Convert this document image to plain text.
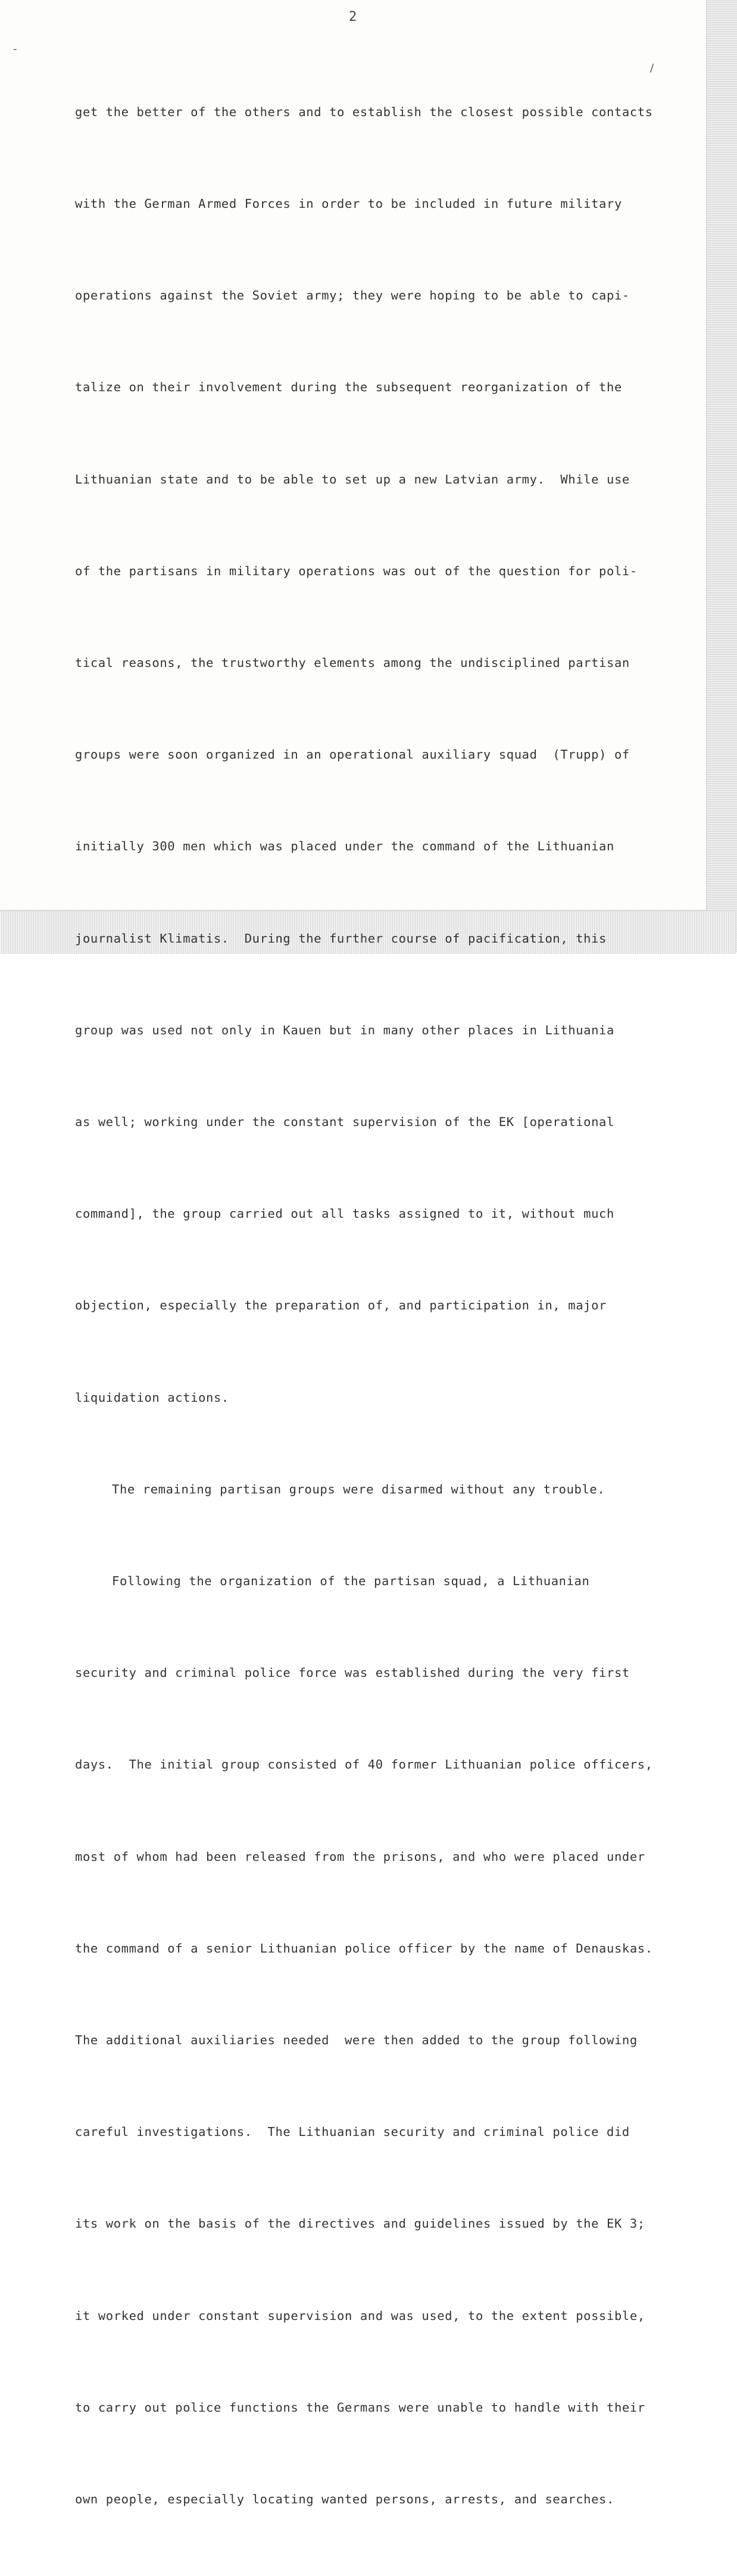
2
-
/

get the better of the others and to establish the closest possible contacts

with the German Armed Forces in order to be included in future military

operations against the Soviet army; they were hoping to be able to capi-

talize on their involvement during the subsequent reorganization of the

Lithuanian state and to be able to set up a new Latvian army.  While use

of the partisans in military operations was out of the question for poli-

tical reasons, the trustworthy elements among the undisciplined partisan

groups were soon organized in an operational auxiliary squad  (Trupp) of

initially 300 men which was placed under the command of the Lithuanian

journalist Klimatis.  During the further course of pacification, this

group was used not only in Kauen but in many other places in Lithuania

as well; working under the constant supervision of the EK [operational

command], the group carried out all tasks assigned to it, without much

objection, especially the preparation of, and participation in, major

liquidation actions.

The remaining partisan groups were disarmed without any trouble.

Following the organization of the partisan squad, a Lithuanian

security and criminal police force was established during the very first

days.  The initial group consisted of 40 former Lithuanian police officers,

most of whom had been released from the prisons, and who were placed under

the command of a senior Lithuanian police officer by the name of Denauskas.

The additional auxiliaries needed  were then added to the group following

careful investigations.  The Lithuanian security and criminal police did

its work on the basis of the directives and guidelines issued by the EK 3;

it worked under constant supervision and was used, to the extent possible,

to carry out police functions the Germans were unable to handle with their

own people, especially locating wanted persons, arrests, and searches.
